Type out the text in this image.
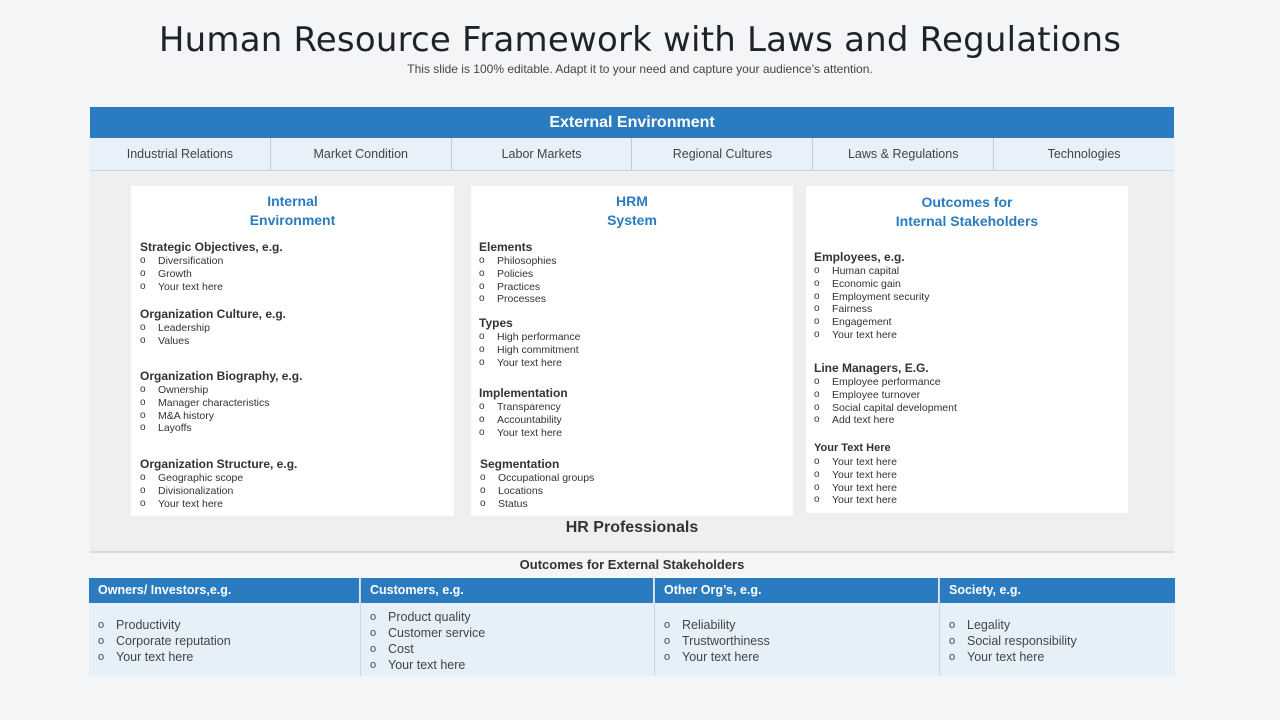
Human Resource Framework with Laws and Regulations
This slide is 100% editable. Adapt it to your need and capture your audience’s attention.
External Environment
Industrial Relations	Market Condition	Labor Markets	Regional Cultures	Laws & Regulations	Technologies
Internal
Environment
Strategic Objectives, e.g.
o Diversification
o Growth
o Your text here
Organization Culture, e.g.
o Leadership
o Values
Organization Biography, e.g.
o Ownership
o Manager characteristics
o M&A history
o Layoffs
Organization Structure, e.g.
o Geographic scope
o Divisionalization
o Your text here
HRM
System
Elements
o Philosophies
o Policies
o Practices
o Processes
Types
o High performance
o High commitment
o Your text here
Implementation
o Transparency
o Accountability
o Your text here
Segmentation
o Occupational groups
o Locations
o Status
Outcomes for
Internal Stakeholders
Employees, e.g.
o Human capital
o Economic gain
o Employment security
o Fairness
o Engagement
o Your text here
Line Managers, E.G.
o Employee performance
o Employee turnover
o Social capital development
o Add text here
Your Text Here
o Your text here
o Your text here
o Your text here
o Your text here
HR Professionals
Outcomes for External Stakeholders
Owners/ Investors,e.g.
o Productivity
o Corporate reputation
o Your text here
Customers, e.g.
o Product quality
o Customer service
o Cost
o Your text here
Other Org’s, e.g.
o Reliability
o Trustworthiness
o Your text here
Society, e.g.
o Legality
o Social responsibility
o Your text here
